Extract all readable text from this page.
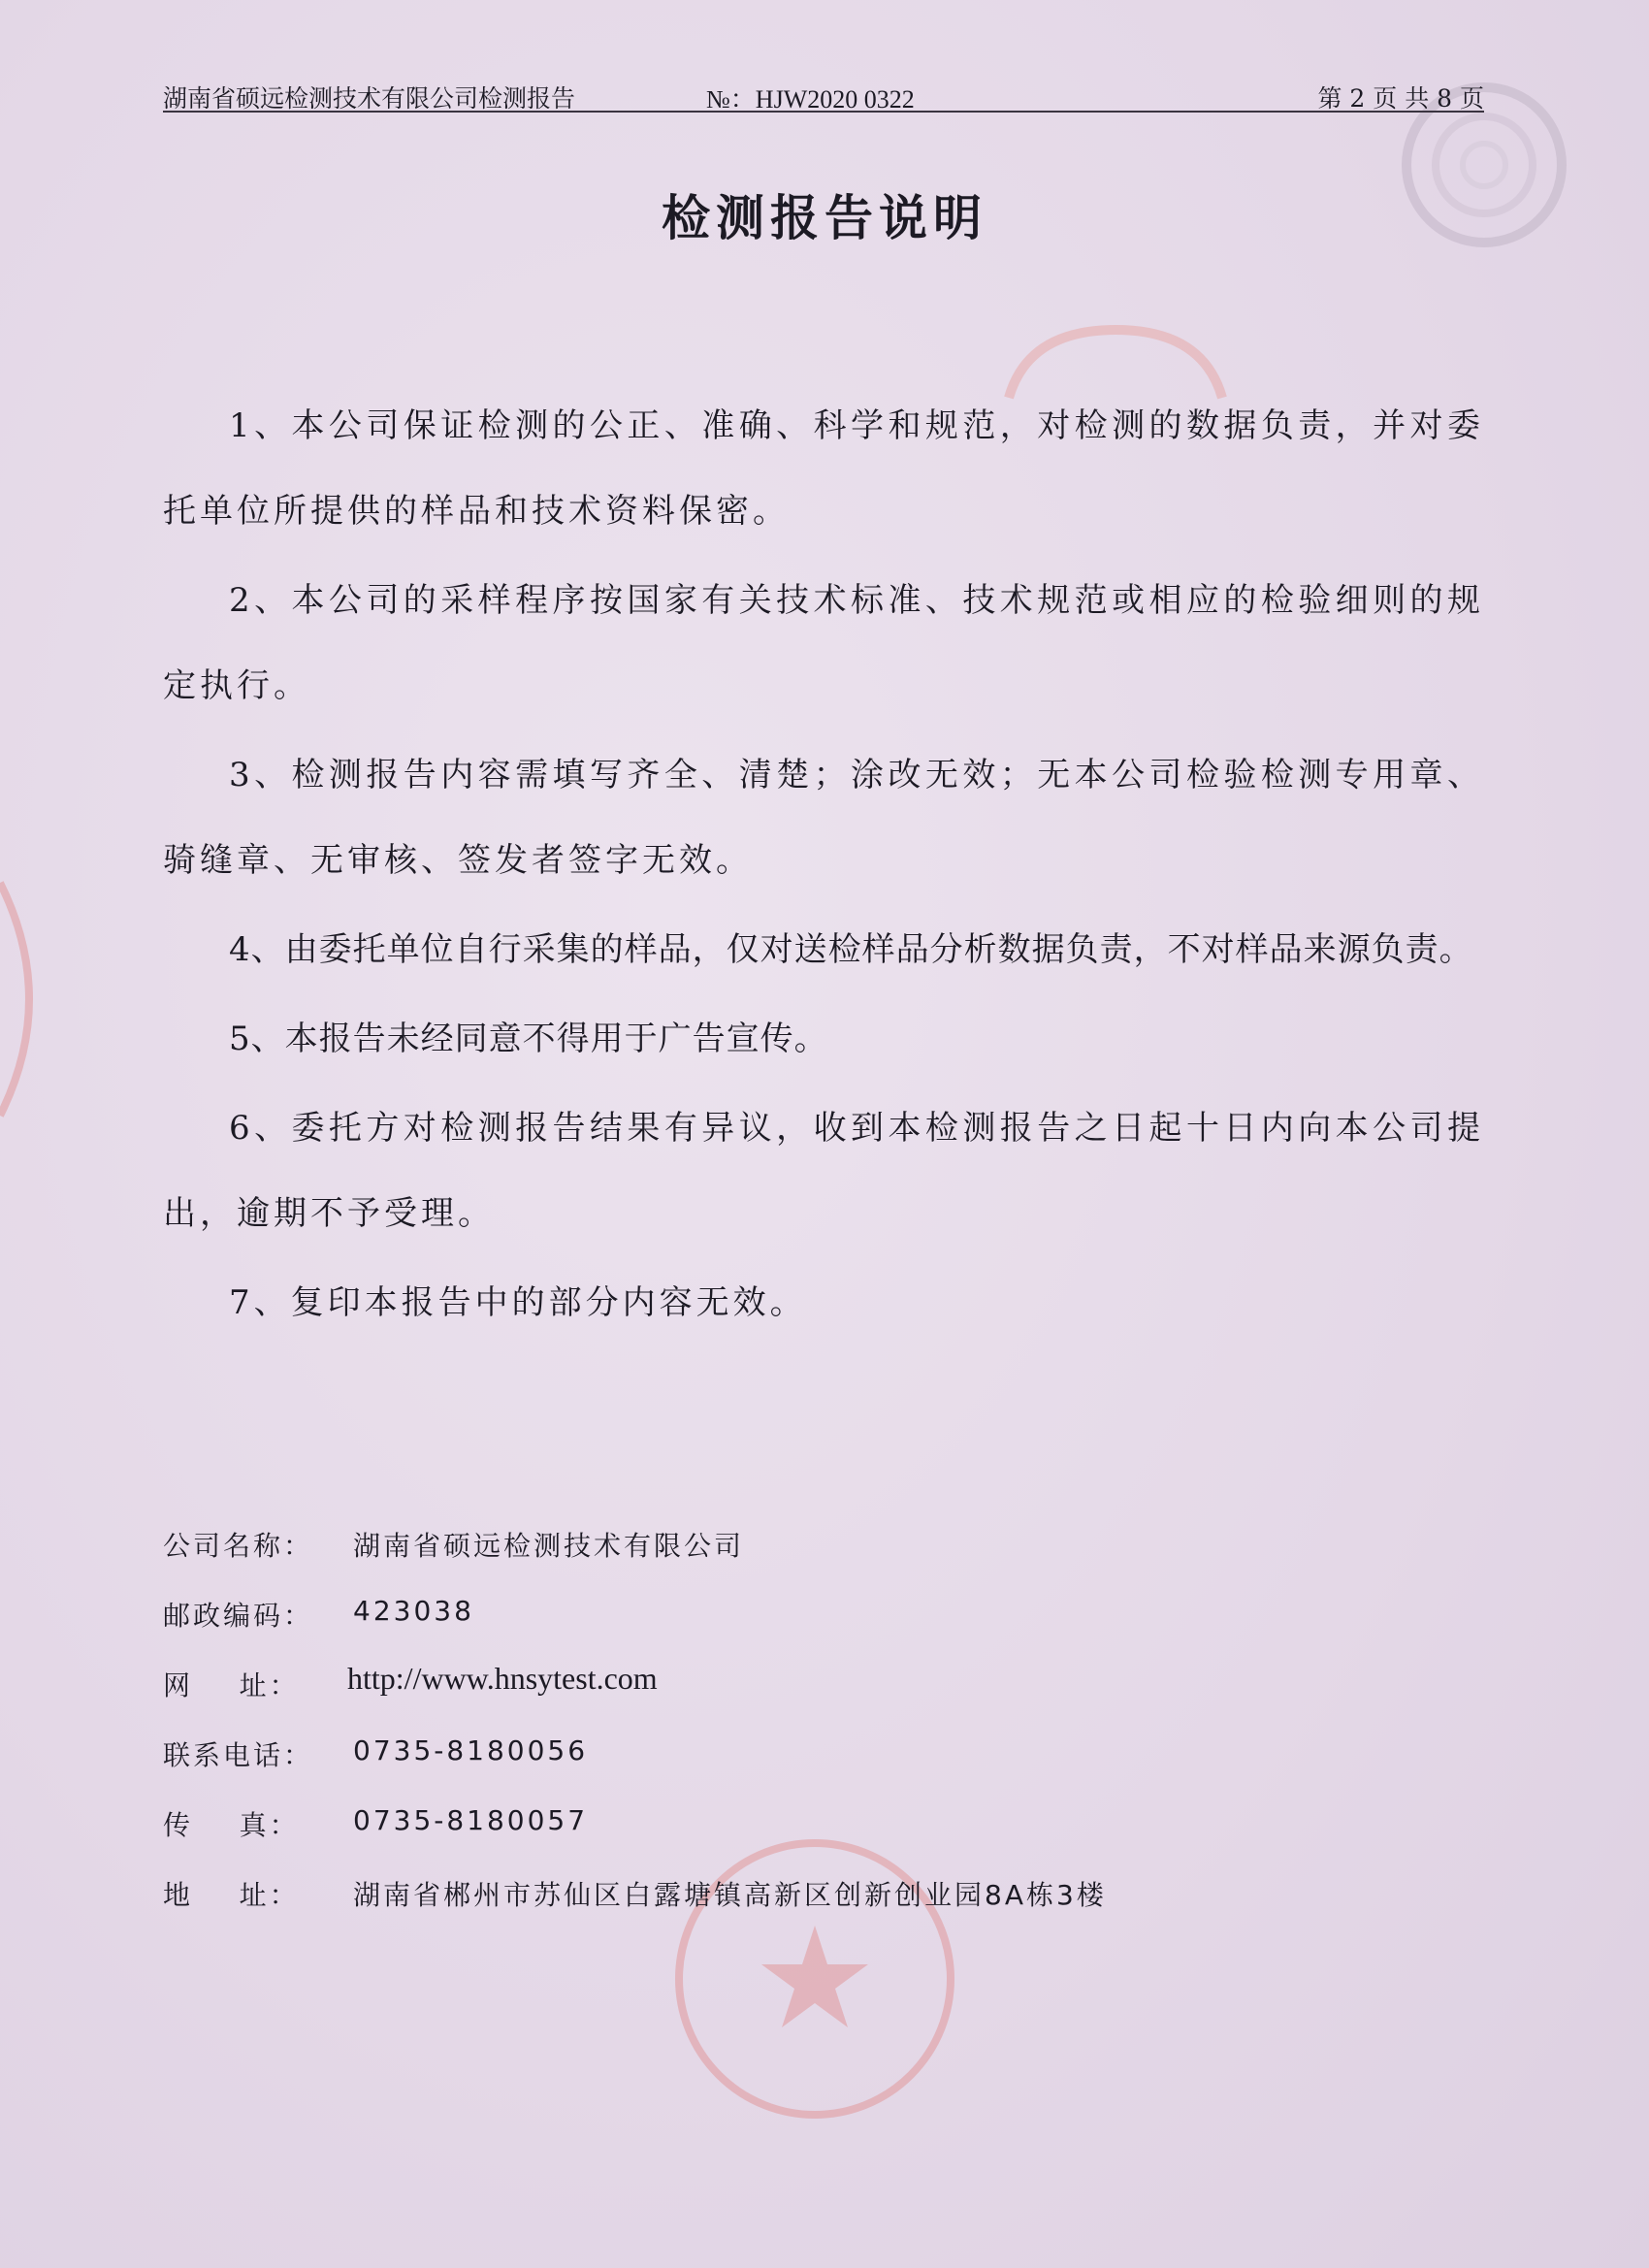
湖南省硕远检测技术有限公司检测报告	№：HJW2020 0322	第 2 页 共 8 页
检测报告说明

1、本公司保证检测的公正、准确、科学和规范，对检测的数据负责，并对委托单位所提供的样品和技术资料保密。

2、本公司的采样程序按国家有关技术标准、技术规范或相应的检验细则的规定执行。

3、检测报告内容需填写齐全、清楚；涂改无效；无本公司检验检测专用章、骑缝章、无审核、签发者签字无效。

4、由委托单位自行采集的样品，仅对送检样品分析数据负责，不对样品来源负责。

5、本报告未经同意不得用于广告宣传。

6、委托方对检测报告结果有异议，收到本检测报告之日起十日内向本公司提出，逾期不予受理。

7、复印本报告中的部分内容无效。

公司名称： 湖南省硕远检测技术有限公司
邮政编码： 423038
网    址： http://www.hnsytest.com
联系电话： 0735-8180056
传    真： 0735-8180057
地    址： 湖南省郴州市苏仙区白露塘镇高新区创新创业园8A栋3楼
